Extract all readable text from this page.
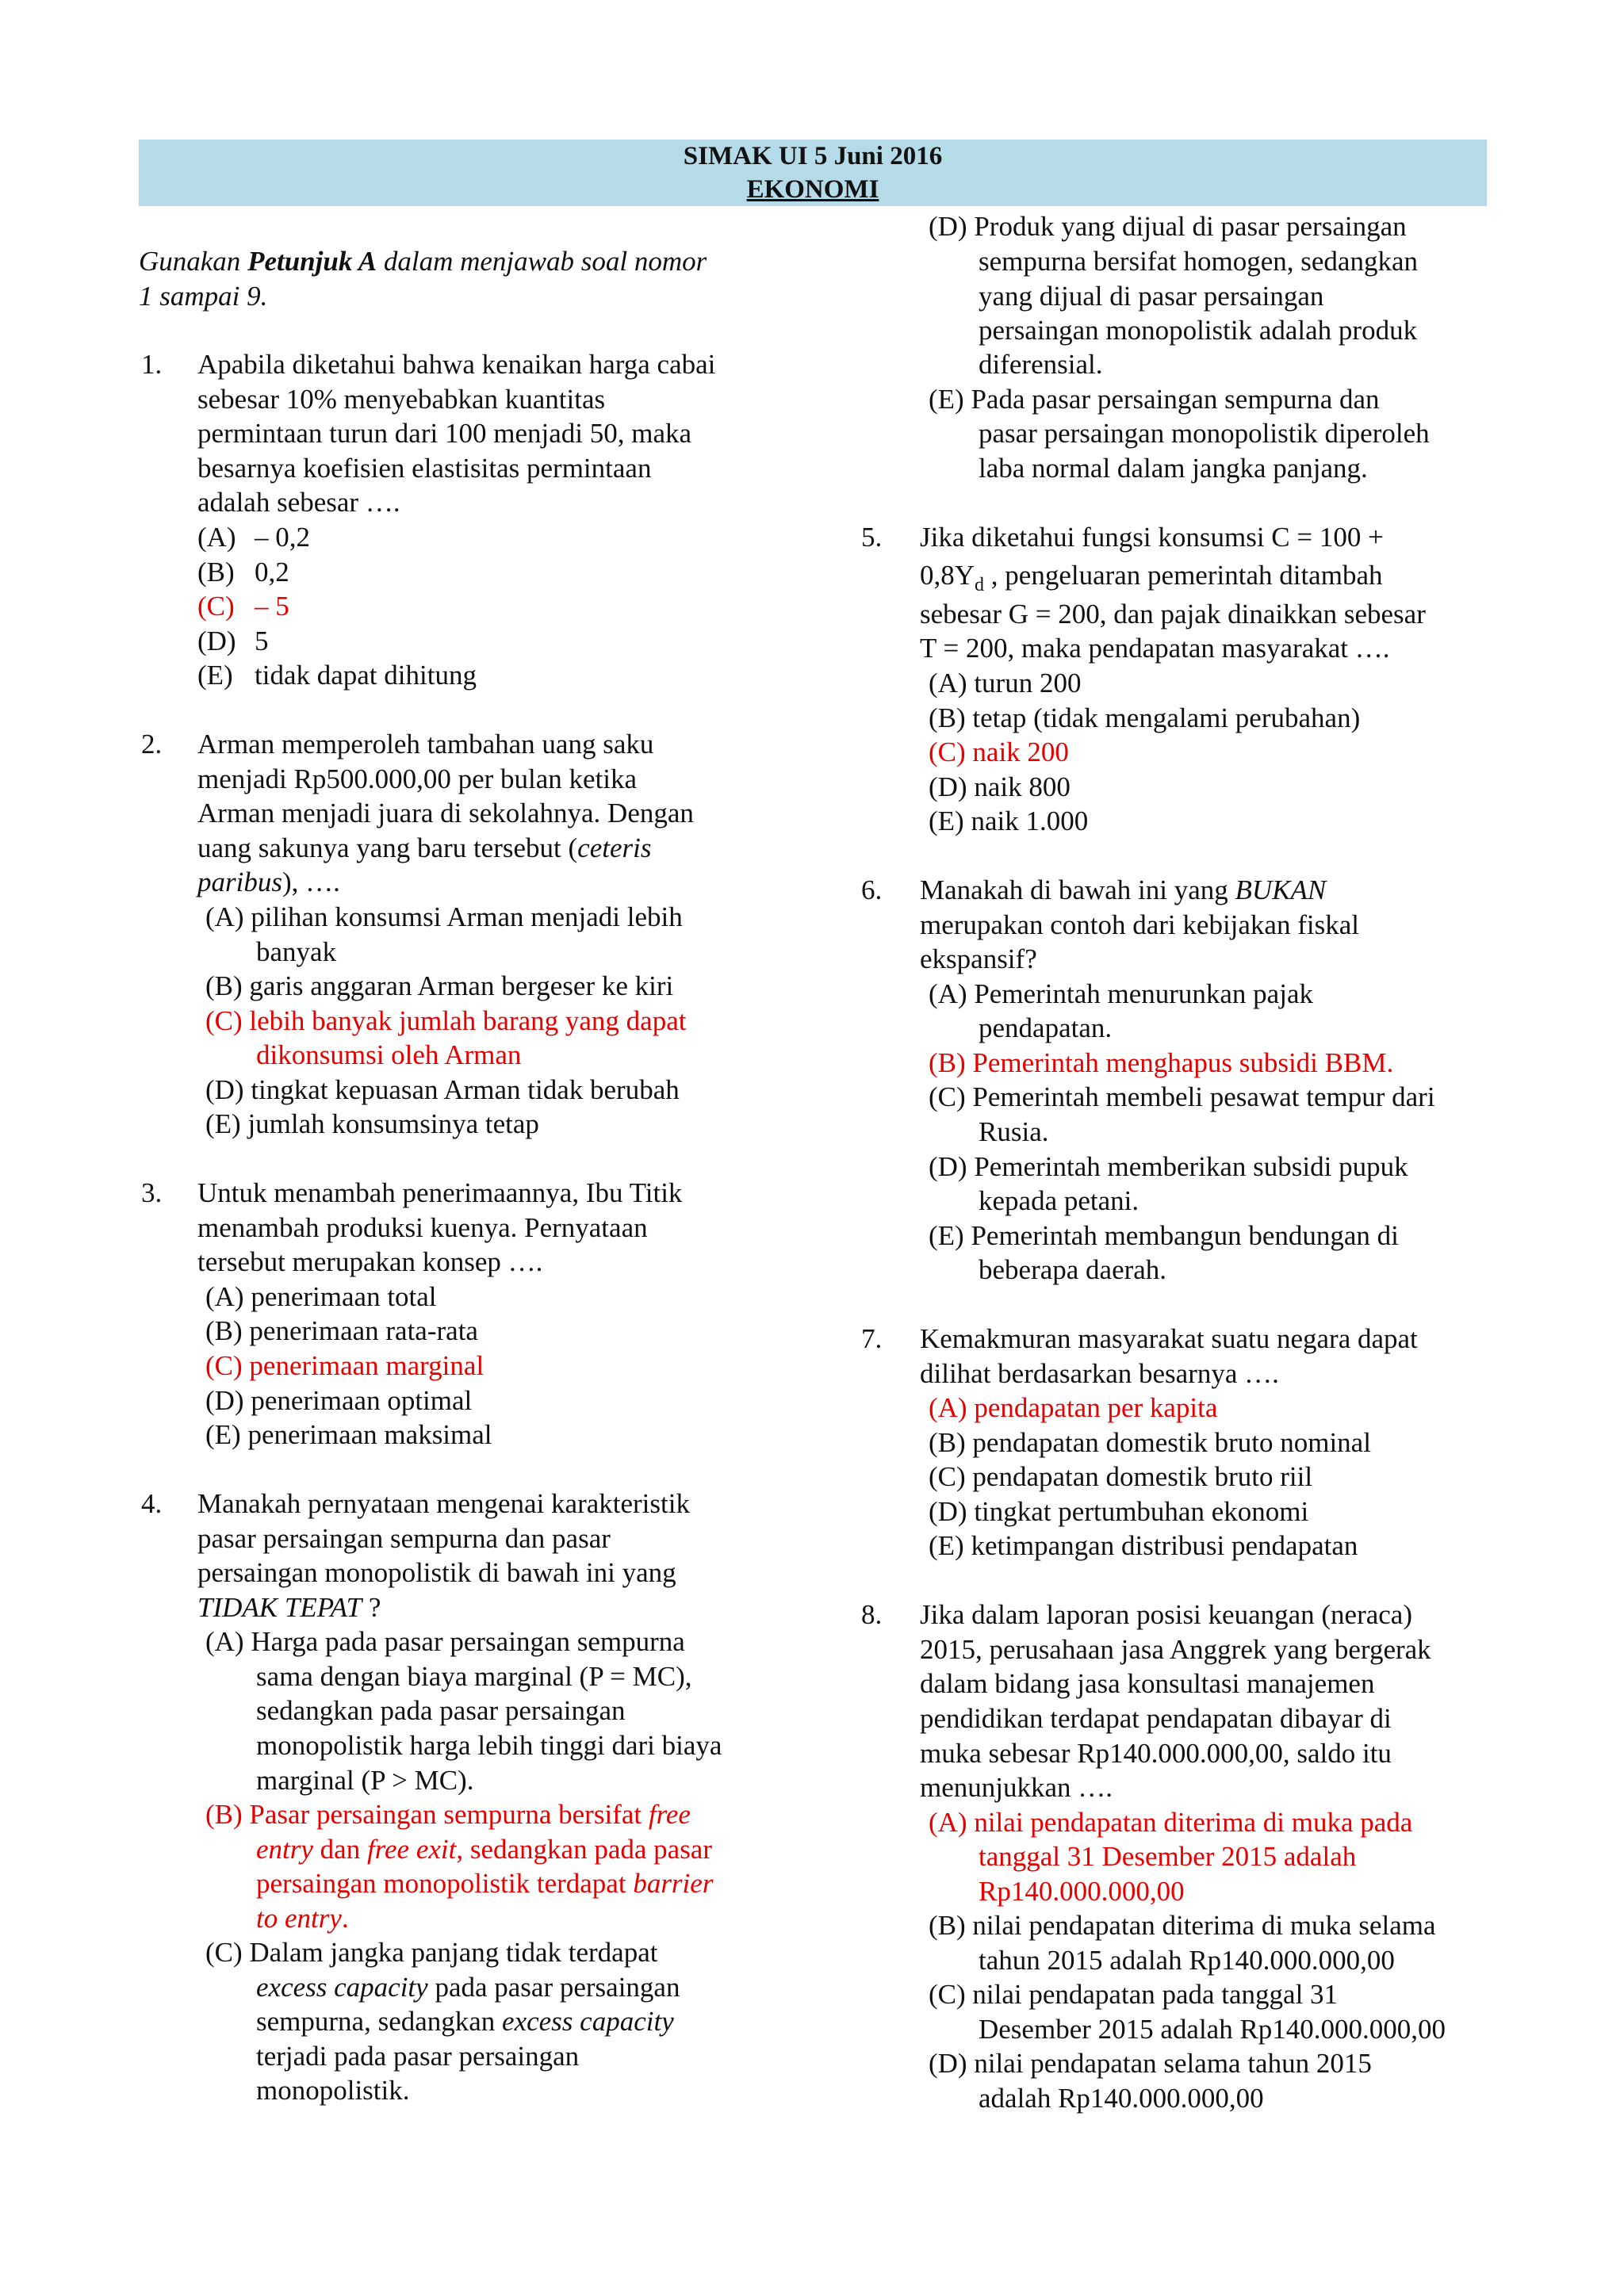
SIMAK UI 5 Juni 2016
EKONOMI
Gunakan Petunjuk A dalam menjawab soal nomor
1 sampai 9.
1. Apabila diketahui bahwa kenaikan harga cabai
sebesar 10% menyebabkan kuantitas
permintaan turun dari 100 menjadi 50, maka
besarnya koefisien elastisitas permintaan
adalah sebesar ….
(A) – 0,2
(B) 0,2
(C) – 5
(D) 5
(E) tidak dapat dihitung
2. Arman memperoleh tambahan uang saku
menjadi Rp500.000,00 per bulan ketika
Arman menjadi juara di sekolahnya. Dengan
uang sakunya yang baru tersebut (ceteris
paribus), ….
(A) pilihan konsumsi Arman menjadi lebih
banyak
(B) garis anggaran Arman bergeser ke kiri
(C) lebih banyak jumlah barang yang dapat
dikonsumsi oleh Arman
(D) tingkat kepuasan Arman tidak berubah
(E) jumlah konsumsinya tetap
3. Untuk menambah penerimaannya, Ibu Titik
menambah produksi kuenya. Pernyataan
tersebut merupakan konsep ….
(A) penerimaan total
(B) penerimaan rata-rata
(C) penerimaan marginal
(D) penerimaan optimal
(E) penerimaan maksimal
4. Manakah pernyataan mengenai karakteristik
pasar persaingan sempurna dan pasar
persaingan monopolistik di bawah ini yang
TIDAK TEPAT ?
(A) Harga pada pasar persaingan sempurna
sama dengan biaya marginal (P = MC),
sedangkan pada pasar persaingan
monopolistik harga lebih tinggi dari biaya
marginal (P > MC).
(B) Pasar persaingan sempurna bersifat free
entry dan free exit, sedangkan pada pasar
persaingan monopolistik terdapat barrier
to entry.
(C) Dalam jangka panjang tidak terdapat
excess capacity pada pasar persaingan
sempurna, sedangkan excess capacity
terjadi pada pasar persaingan
monopolistik.
(D) Produk yang dijual di pasar persaingan
sempurna bersifat homogen, sedangkan
yang dijual di pasar persaingan
persaingan monopolistik adalah produk
diferensial.
(E) Pada pasar persaingan sempurna dan
pasar persaingan monopolistik diperoleh
laba normal dalam jangka panjang.
5. Jika diketahui fungsi konsumsi C = 100 +
$0,8Y_d$ , pengeluaran pemerintah ditambah
sebesar G = 200, dan pajak dinaikkan sebesar
T = 200, maka pendapatan masyarakat ….
(A) turun 200
(B) tetap (tidak mengalami perubahan)
(C) naik 200
(D) naik 800
(E) naik 1.000
6. Manakah di bawah ini yang BUKAN
merupakan contoh dari kebijakan fiskal
ekspansif?
(A) Pemerintah menurunkan pajak
pendapatan.
(B) Pemerintah menghapus subsidi BBM.
(C) Pemerintah membeli pesawat tempur dari
Rusia.
(D) Pemerintah memberikan subsidi pupuk
kepada petani.
(E) Pemerintah membangun bendungan di
beberapa daerah.
7. Kemakmuran masyarakat suatu negara dapat
dilihat berdasarkan besarnya ….
(A) pendapatan per kapita
(B) pendapatan domestik bruto nominal
(C) pendapatan domestik bruto riil
(D) tingkat pertumbuhan ekonomi
(E) ketimpangan distribusi pendapatan
8. Jika dalam laporan posisi keuangan (neraca)
2015, perusahaan jasa Anggrek yang bergerak
dalam bidang jasa konsultasi manajemen
pendidikan terdapat pendapatan dibayar di
muka sebesar Rp140.000.000,00, saldo itu
menunjukkan ….
(A) nilai pendapatan diterima di muka pada
tanggal 31 Desember 2015 adalah
Rp140.000.000,00
(B) nilai pendapatan diterima di muka selama
tahun 2015 adalah Rp140.000.000,00
(C) nilai pendapatan pada tanggal 31
Desember 2015 adalah Rp140.000.000,00
(D) nilai pendapatan selama tahun 2015
adalah Rp140.000.000,00
